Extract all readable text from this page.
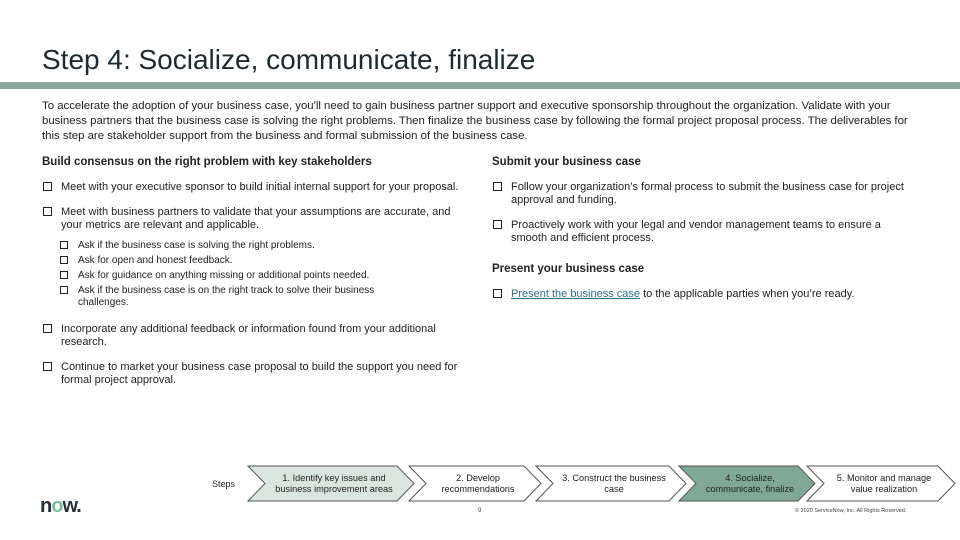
Step 4: Socialize, communicate, finalize
To accelerate the adoption of your business case, you'll need to gain business partner support and executive sponsorship throughout the organization. Validate with your business partners that the business case is solving the right problems. Then finalize the business case by following the formal project proposal process. The deliverables for this step are stakeholder support from the business and formal submission of the business case.
Build consensus on the right problem with key stakeholders
Meet with your executive sponsor to build initial internal support for your proposal.
Meet with business partners to validate that your assumptions are accurate, and your metrics are relevant and applicable.
Ask if the business case is solving the right problems.
Ask for open and honest feedback.
Ask for guidance on anything missing or additional points needed.
Ask if the business case is on the right track to solve their business challenges.
Incorporate any additional feedback or information found from your additional research.
Continue to market your business case proposal to build the support you need for formal project approval.
Submit your business case
Follow your organization’s formal process to submit the business case for project approval and funding.
Proactively work with your legal and vendor management teams to ensure a smooth and efficient process.
Present your business case
Present the business case to the applicable parties when you’re ready.
Steps
1. Identify key issues and business improvement areas
2. Develop recommendations
3. Construct the business case
4. Socialize, communicate, finalize
5. Monitor and manage value realization
now.	9	© 2020 ServiceNow, Inc. All Rights Reserved.
